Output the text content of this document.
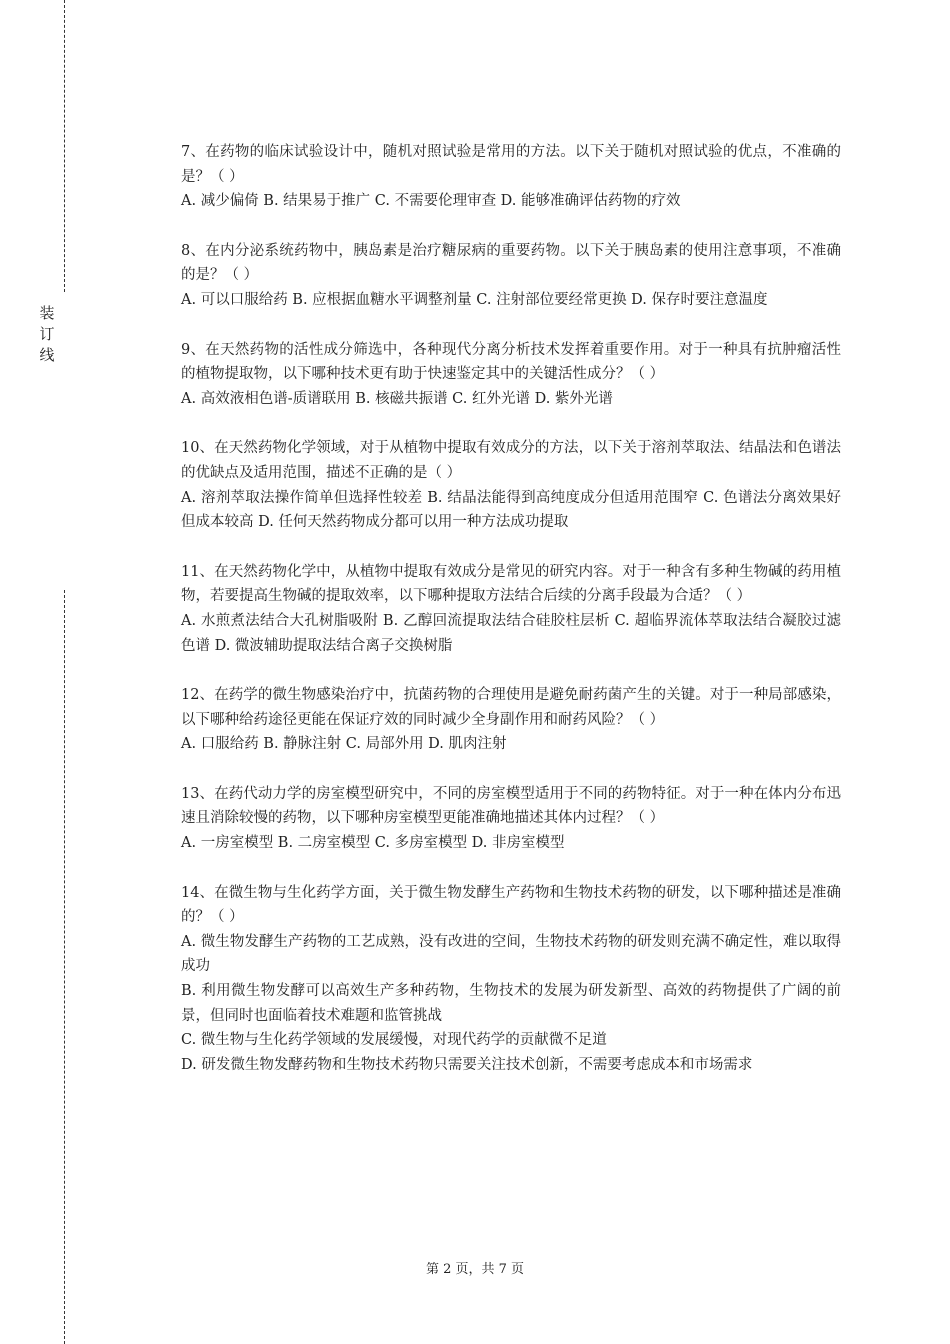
装
订
线

7、在药物的临床试验设计中，随机对照试验是常用的方法。以下关于随机对照试验的优点，不准确的是？（ ）

A. 减少偏倚 B. 结果易于推广 C. 不需要伦理审查 D. 能够准确评估药物的疗效

8、在内分泌系统药物中，胰岛素是治疗糖尿病的重要药物。以下关于胰岛素的使用注意事项，不准确的是？（ ）

A. 可以口服给药 B. 应根据血糖水平调整剂量 C. 注射部位要经常更换 D. 保存时要注意温度

9、在天然药物的活性成分筛选中，各种现代分离分析技术发挥着重要作用。对于一种具有抗肿瘤活性的植物提取物，以下哪种技术更有助于快速鉴定其中的关键活性成分？（ ）

A. 高效液相色谱-质谱联用 B. 核磁共振谱 C. 红外光谱 D. 紫外光谱

10、在天然药物化学领域，对于从植物中提取有效成分的方法，以下关于溶剂萃取法、结晶法和色谱法的优缺点及适用范围，描述不正确的是（ ）

A. 溶剂萃取法操作简单但选择性较差 B. 结晶法能得到高纯度成分但适用范围窄 C. 色谱法分离效果好但成本较高 D. 任何天然药物成分都可以用一种方法成功提取

11、在天然药物化学中，从植物中提取有效成分是常见的研究内容。对于一种含有多种生物碱的药用植物，若要提高生物碱的提取效率，以下哪种提取方法结合后续的分离手段最为合适？（ ）

A. 水煎煮法结合大孔树脂吸附 B. 乙醇回流提取法结合硅胶柱层析 C. 超临界流体萃取法结合凝胶过滤色谱 D. 微波辅助提取法结合离子交换树脂

12、在药学的微生物感染治疗中，抗菌药物的合理使用是避免耐药菌产生的关键。对于一种局部感染，以下哪种给药途径更能在保证疗效的同时减少全身副作用和耐药风险？（ ）

A. 口服给药 B. 静脉注射 C. 局部外用 D. 肌肉注射

13、在药代动力学的房室模型研究中，不同的房室模型适用于不同的药物特征。对于一种在体内分布迅速且消除较慢的药物，以下哪种房室模型更能准确地描述其体内过程？（ ）

A. 一房室模型 B. 二房室模型 C. 多房室模型 D. 非房室模型

14、在微生物与生化药学方面，关于微生物发酵生产药物和生物技术药物的研发，以下哪种描述是准确的？（ ）

A. 微生物发酵生产药物的工艺成熟，没有改进的空间，生物技术药物的研发则充满不确定性，难以取得成功

B. 利用微生物发酵可以高效生产多种药物，生物技术的发展为研发新型、高效的药物提供了广阔的前景，但同时也面临着技术难题和监管挑战

C. 微生物与生化药学领域的发展缓慢，对现代药学的贡献微不足道

D. 研发微生物发酵药物和生物技术药物只需要关注技术创新，不需要考虑成本和市场需求

第 2 页，共 7 页
